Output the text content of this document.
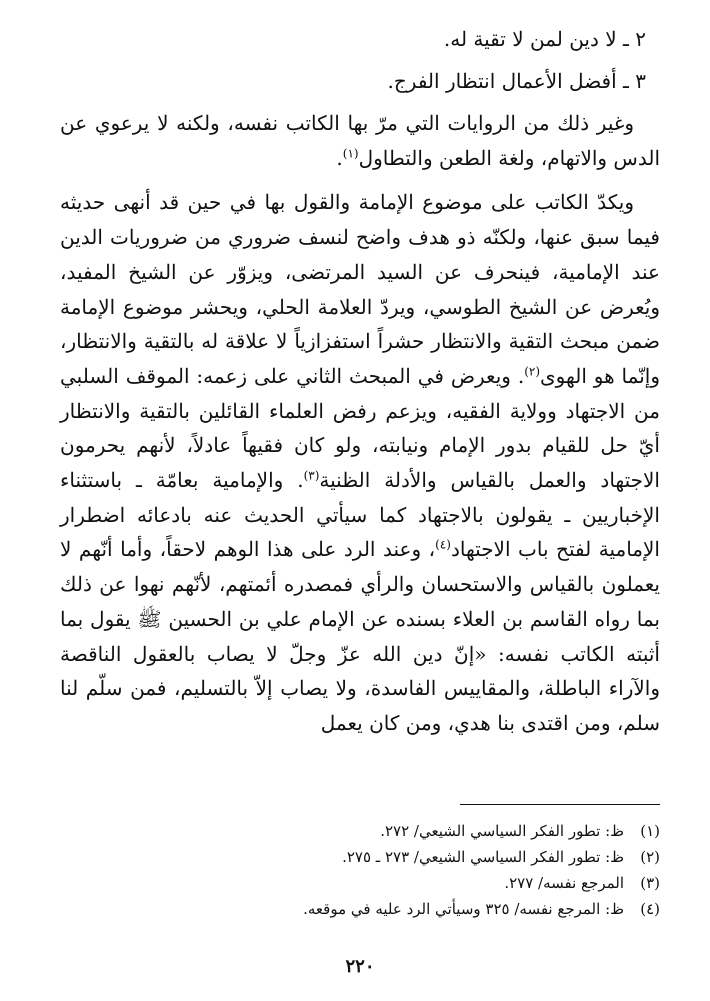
٢ ـ لا دين لمن لا تقية له.
٣ ـ أفضل الأعمال انتظار الفرج.

وغير ذلك من الروايات التي مرّ بها الكاتب نفسه، ولكنه لا يرعوي عن الدس والاتهام، ولغة الطعن والتطاول$^{(١)}$.

ويكدّ الكاتب على موضوع الإمامة والقول بها في حين قد أنهى حديثه فيما سبق عنها، ولكنّه ذو هدف واضح لنسف ضروري من ضروريات الدين عند الإمامية، فينحرف عن السيد المرتضى، ويزوّر عن الشيخ المفيد، ويُعرض عن الشيخ الطوسي، ويردّ العلامة الحلي، ويحشر موضوع الإمامة ضمن مبحث التقية والانتظار حشراً استفزازياً لا علاقة له بالتقية والانتظار، وإنّما هو الهوى$^{(٢)}$. ويعرض في المبحث الثاني على زعمه: الموقف السلبي من الاجتهاد وولاية الفقيه، ويزعم رفض العلماء القائلين بالتقية والانتظار أيّ حل للقيام بدور الإمام ونيابته، ولو كان فقيهاً عادلاً، لأنهم يحرمون الاجتهاد والعمل بالقياس والأدلة الظنية$^{(٣)}$. والإمامية بعامّة ـ باستثناء الإخباريين ـ يقولون بالاجتهاد كما سيأتي الحديث عنه بادعائه اضطرار الإمامية لفتح باب الاجتهاد$^{(٤)}$، وعند الرد على هذا الوهم لاحقاً، وأما أنّهم لا يعملون بالقياس والاستحسان والرأي فمصدره أئمتهم، لأنّهم نهوا عن ذلك بما رواه القاسم بن العلاء بسنده عن الإمام علي بن الحسين ﷺ يقول بما أثبته الكاتب نفسه: «إنّ دين الله عزّ وجلّ لا يصاب بالعقول الناقصة والآراء الباطلة، والمقاييس الفاسدة، ولا يصاب إلاّ بالتسليم، فمن سلّم لنا سلم، ومن اقتدى بنا هدي، ومن كان يعمل

(١)
ظ: تطور الفكر السياسي الشيعي/ ٢٧٢.
(٢)
ظ: تطور الفكر السياسي الشيعي/ ٢٧٣ ـ ٢٧٥.
(٣)
المرجع نفسه/ ٢٧٧.
(٤)
ظ: المرجع نفسه/ ٣٢٥ وسيأتي الرد عليه في موقعه.
٢٢٠
